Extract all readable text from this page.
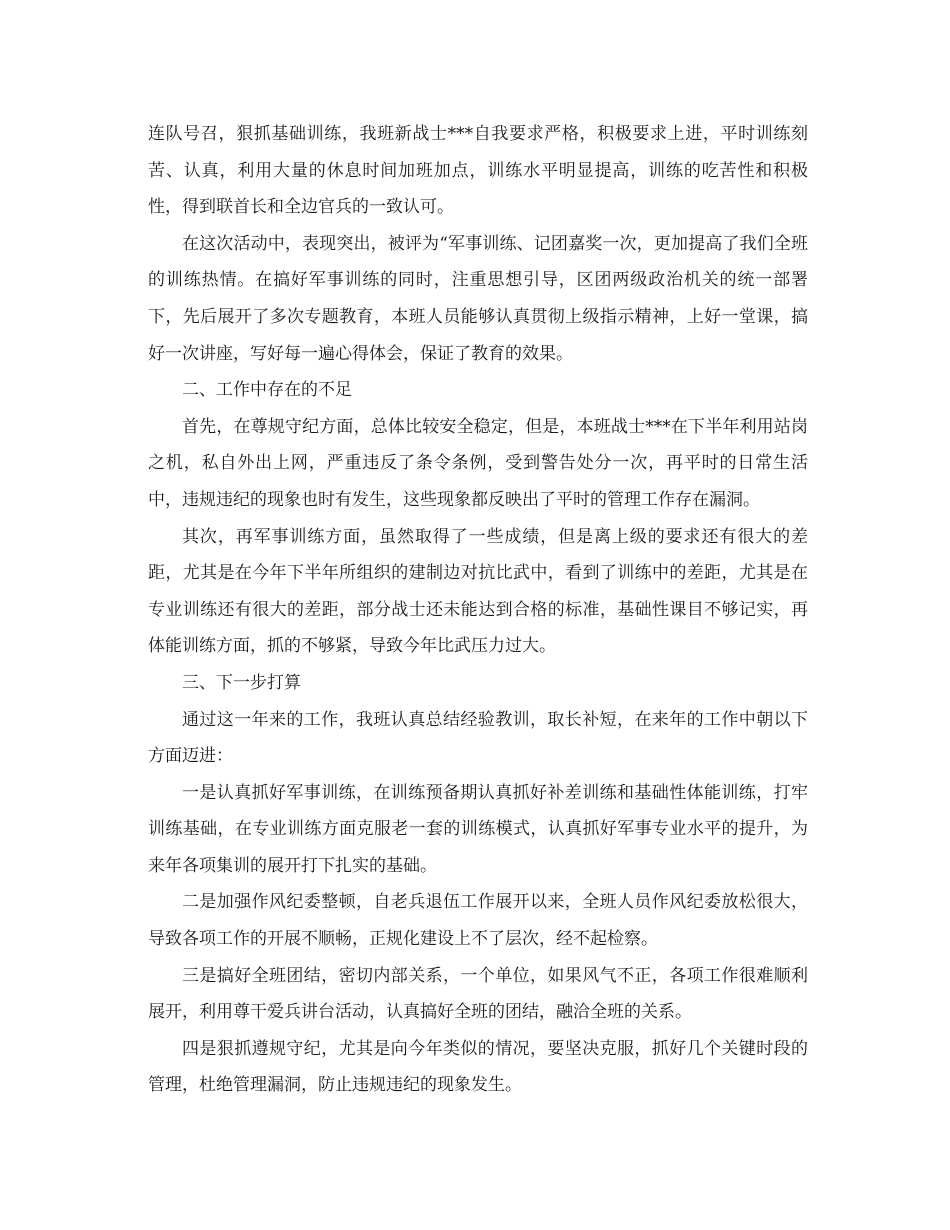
连队号召，狠抓基础训练，我班新战士***自我要求严格，积极要求上进，平时训练刻苦、认真，利用大量的休息时间加班加点，训练水平明显提高，训练的吃苦性和积极性，得到联首长和全边官兵的一致认可。

在这次活动中，表现突出，被评为“军事训练、记团嘉奖一次，更加提高了我们全班的训练热情。在搞好军事训练的同时，注重思想引导，区团两级政治机关的统一部署下，先后展开了多次专题教育，本班人员能够认真贯彻上级指示精神，上好一堂课，搞好一次讲座，写好每一遍心得体会，保证了教育的效果。

二、工作中存在的不足

首先，在尊规守纪方面，总体比较安全稳定，但是，本班战士***在下半年利用站岗之机，私自外出上网，严重违反了条令条例，受到警告处分一次，再平时的日常生活中，违规违纪的现象也时有发生，这些现象都反映出了平时的管理工作存在漏洞。

其次，再军事训练方面，虽然取得了一些成绩，但是离上级的要求还有很大的差距，尤其是在今年下半年所组织的建制边对抗比武中，看到了训练中的差距，尤其是在专业训练还有很大的差距，部分战士还未能达到合格的标准，基础性课目不够记实，再体能训练方面，抓的不够紧，导致今年比武压力过大。

三、下一步打算

通过这一年来的工作，我班认真总结经验教训，取长补短，在来年的工作中朝以下方面迈进：

一是认真抓好军事训练，在训练预备期认真抓好补差训练和基础性体能训练，打牢训练基础，在专业训练方面克服老一套的训练模式，认真抓好军事专业水平的提升，为来年各项集训的展开打下扎实的基础。

二是加强作风纪委整顿，自老兵退伍工作展开以来，全班人员作风纪委放松很大，导致各项工作的开展不顺畅，正规化建设上不了层次，经不起检察。

三是搞好全班团结，密切内部关系，一个单位，如果风气不正，各项工作很难顺利展开，利用尊干爱兵讲台活动，认真搞好全班的团结，融洽全班的关系。

四是狠抓遵规守纪，尤其是向今年类似的情况，要坚决克服，抓好几个关键时段的管理，杜绝管理漏洞，防止违规违纪的现象发生。
